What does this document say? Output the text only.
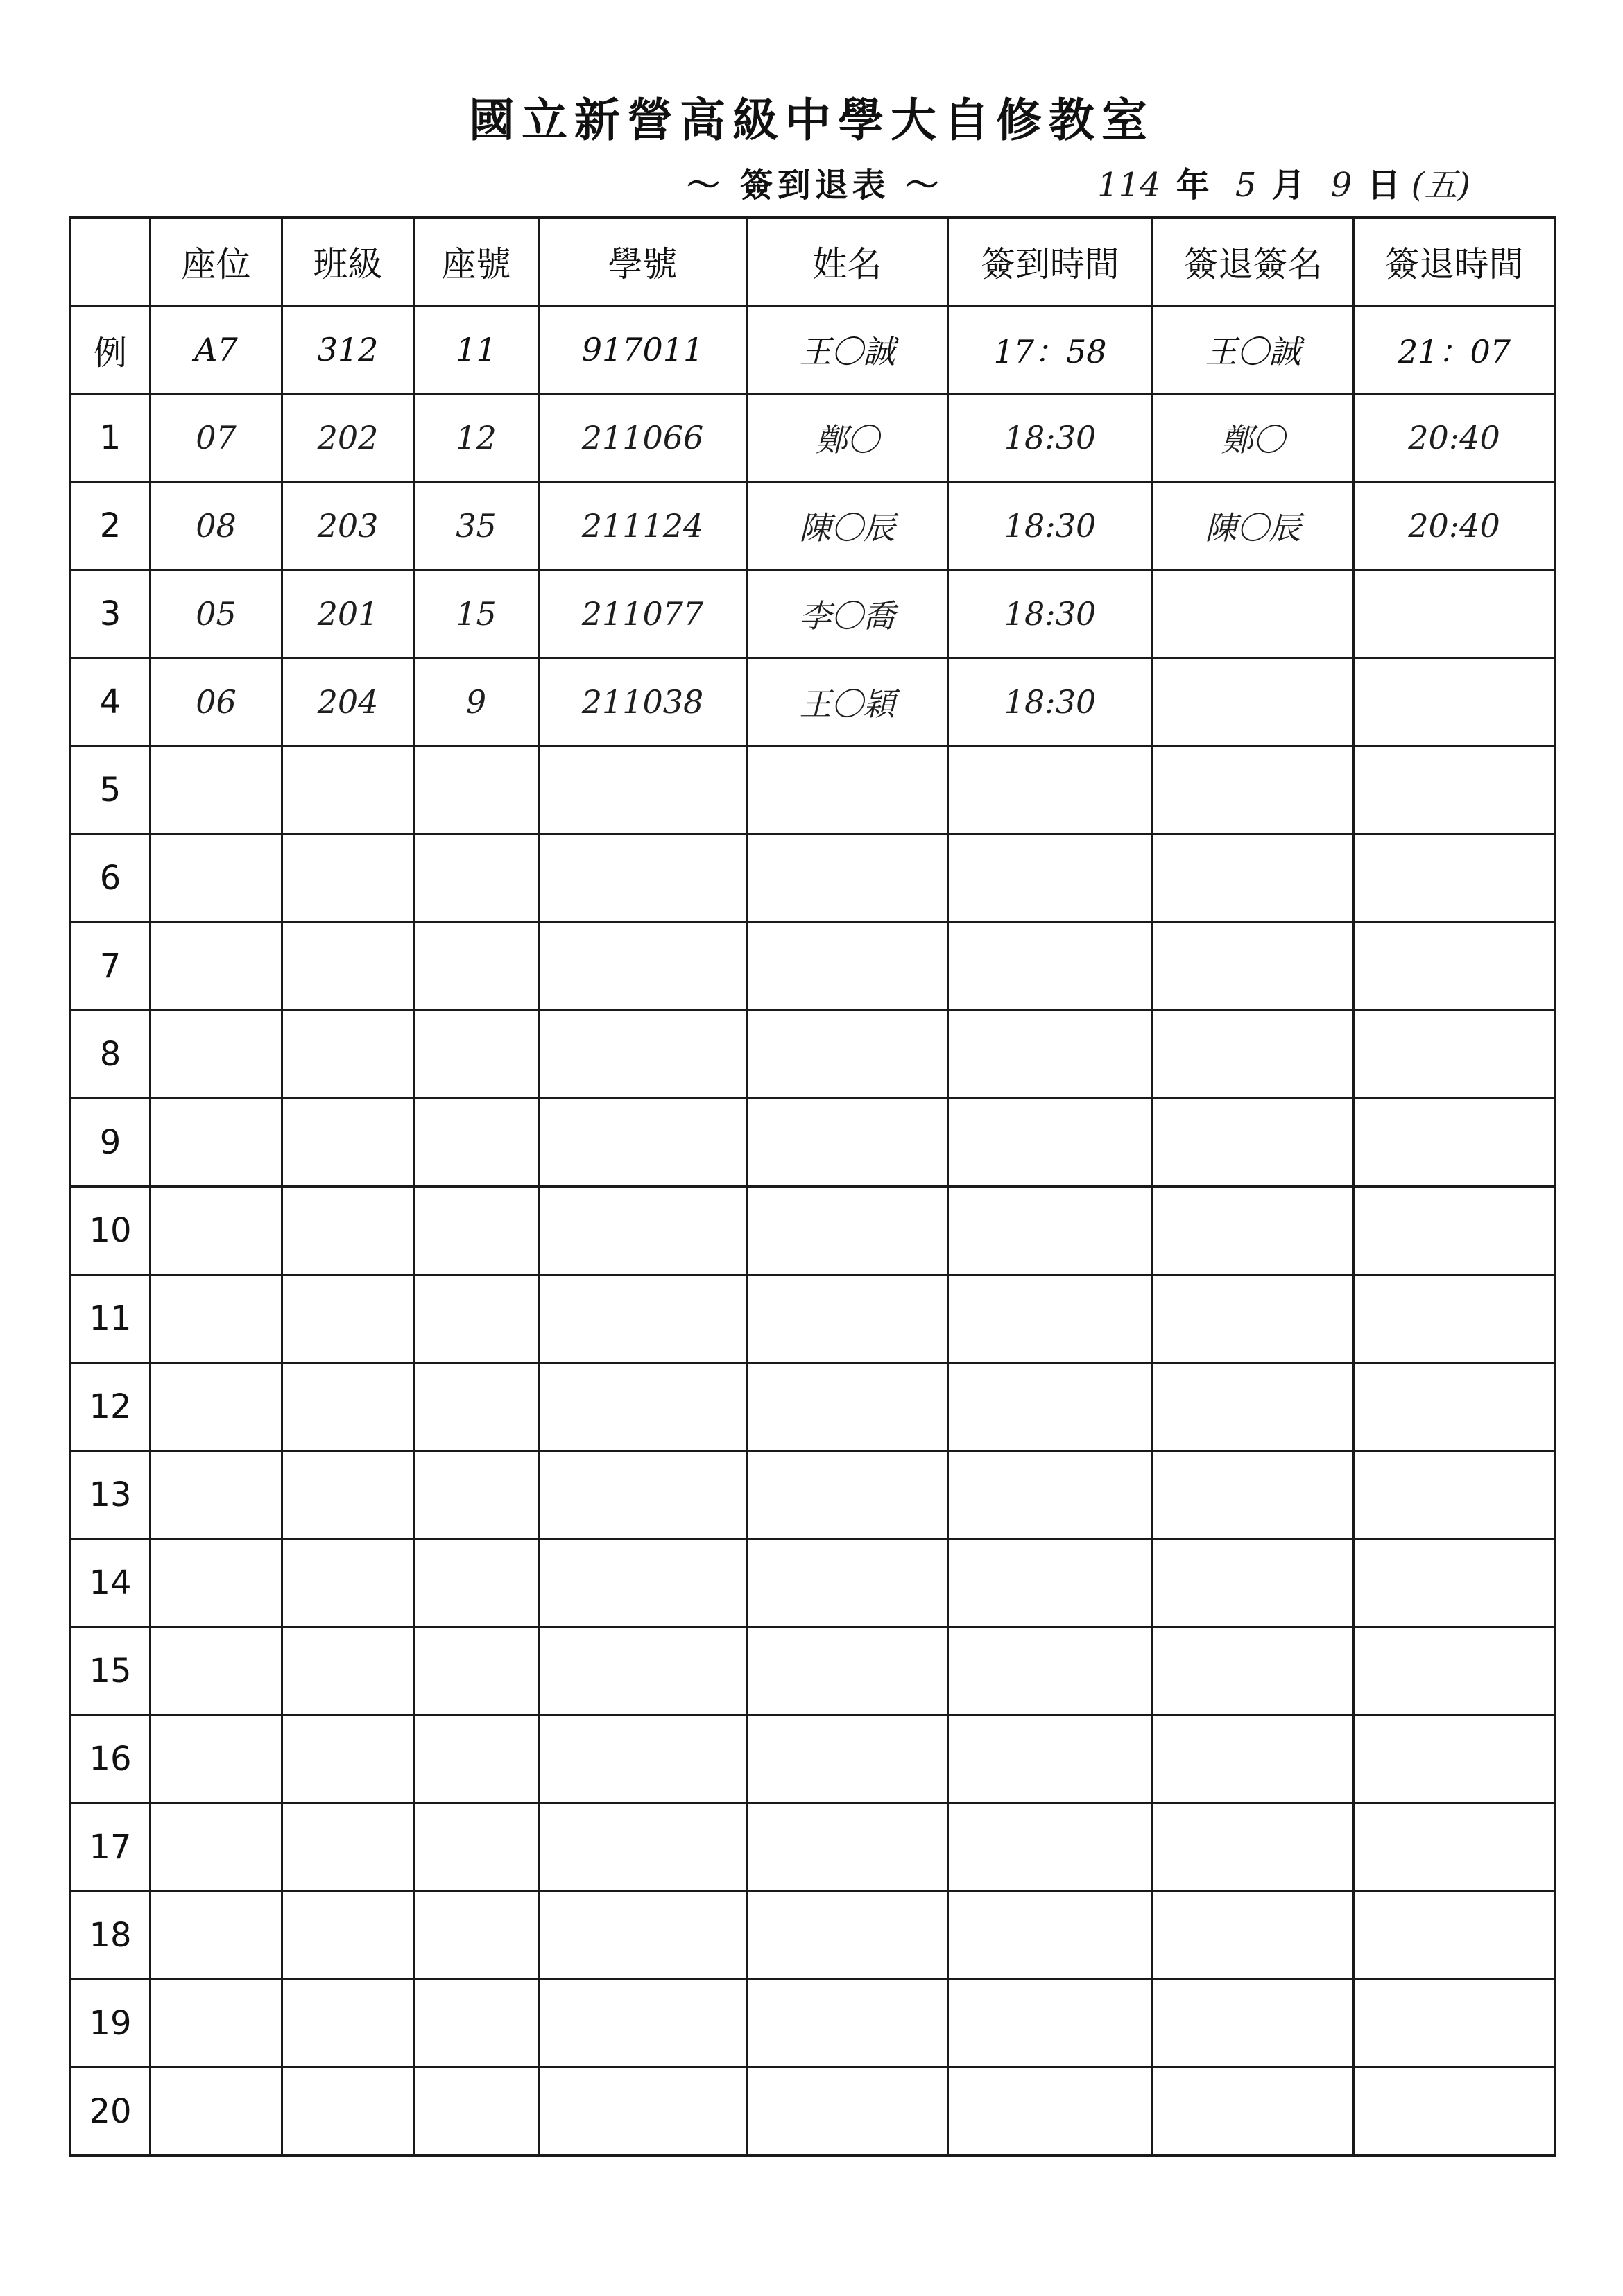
國立新營高級中學大自修教室
～ 簽到退表 ～	114 年 5 月 9 日 (五)
	座位	班級	座號	學號	姓名	簽到時間	簽退簽名	簽退時間
例	A7	312	11	917011	王〇誠	17：58	王〇誠	21：07
1	07	202	12	211066	鄭〇	18:30	鄭〇	20:40
2	08	203	35	211124	陳〇辰	18:30	陳〇辰	20:40
3	05	201	15	211077	李〇喬	18:30		
4	06	204	9	211038	王〇穎	18:30		
5								
6								
7								
8								
9								
10								
11								
12								
13								
14								
15								
16								
17								
18								
19								
20								
